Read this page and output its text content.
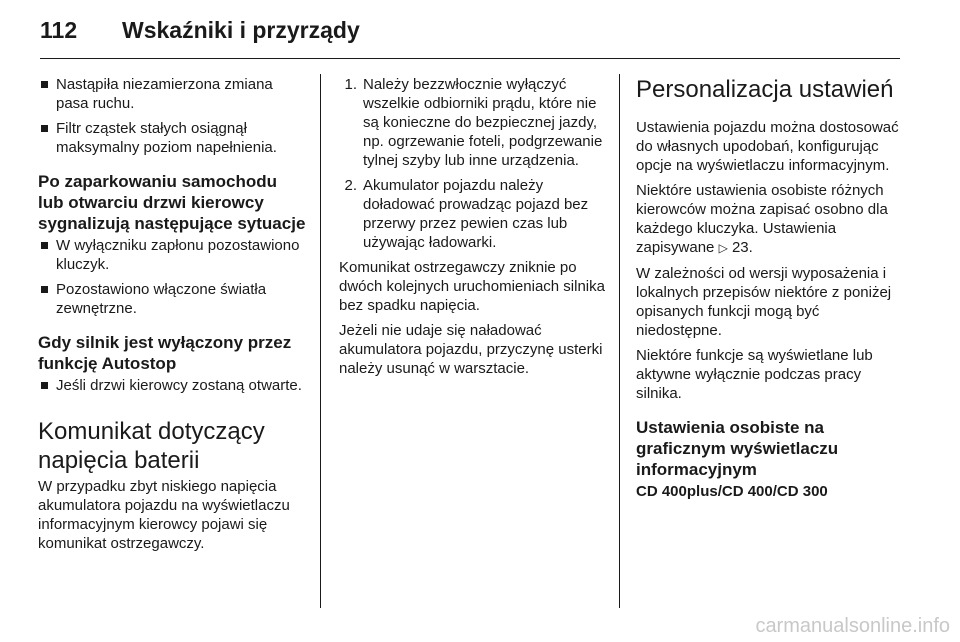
112	Wskaźniki i przyrządy
Nastąpiła niezamierzona zmiana pasa ruchu.
Filtr cząstek stałych osiągnął maksymalny poziom napełnienia.
Po zaparkowaniu samochodu lub otwarciu drzwi kierowcy sygnalizują następujące sytuacje
W wyłączniku zapłonu pozostawiono kluczyk.
Pozostawiono włączone światła zewnętrzne.
Gdy silnik jest wyłączony przez funkcję Autostop
Jeśli drzwi kierowcy zostaną otwarte.
Komunikat dotyczący napięcia baterii

W przypadku zbyt niskiego napięcia akumulatora pojazdu na wyświetlaczu informacyjnym kierowcy pojawi się komunikat ostrzegawczy.

1. Należy bezzwłocznie wyłączyć wszelkie odbiorniki prądu, które nie są konieczne do bezpiecznej jazdy, np. ogrzewanie foteli, podgrzewanie tylnej szyby lub inne urządzenia.
2. Akumulator pojazdu należy doładować prowadząc pojazd bez przerwy przez pewien czas lub używając ładowarki.

Komunikat ostrzegawczy zniknie po dwóch kolejnych uruchomieniach silnika bez spadku napięcia.

Jeżeli nie udaje się naładować akumulatora pojazdu, przyczynę usterki należy usunąć w warsztacie.

Personalizacja ustawień

Ustawienia pojazdu można dostosować do własnych upodobań, konfigurując opcje na wyświetlaczu informacyjnym.

Niektóre ustawienia osobiste różnych kierowców można zapisać osobno dla każdego kluczyka. Ustawienia zapisywane ▷ 23.

W zależności od wersji wyposażenia i lokalnych przepisów niektóre z poniżej opisanych funkcji mogą być niedostępne.

Niektóre funkcje są wyświetlane lub aktywne wyłącznie podczas pracy silnika.

Ustawienia osobiste na graficznym wyświetlaczu informacyjnym
CD 400plus/CD 400/CD 300
carmanualsonline.info
